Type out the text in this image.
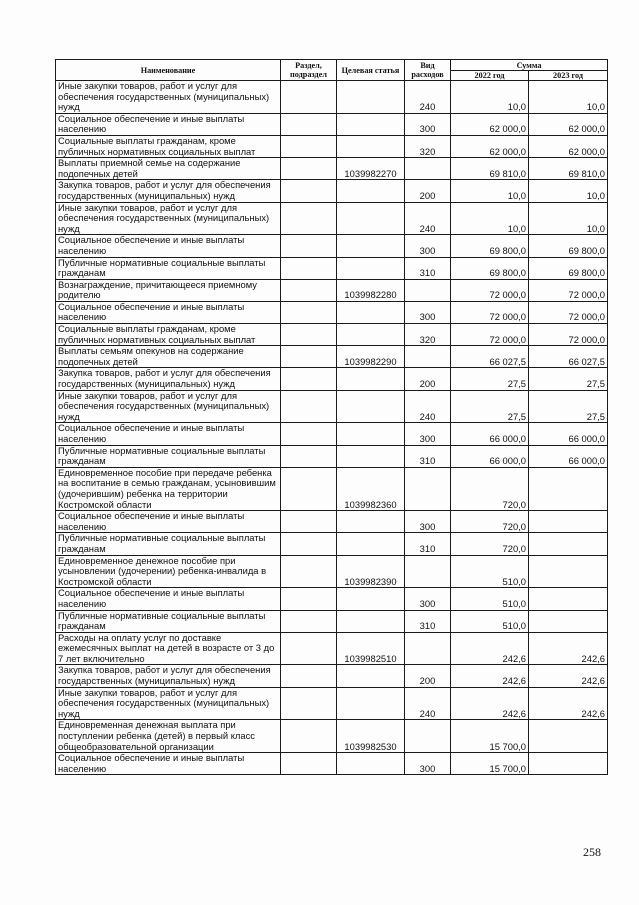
Наименование	Раздел, подраздел	Целевая статья	Вид расходов	Сумма	
				2022 год	2023 год
Иные закупки товаров, работ и услуг для обеспечения государственных (муниципальных) нужд			240	10,0	10,0
Социальное обеспечение и иные выплаты населению			300	62 000,0	62 000,0
Социальные выплаты гражданам, кроме публичных нормативных социальных выплат			320	62 000,0	62 000,0
Выплаты приемной семье на содержание подопечных детей		1039982270		69 810,0	69 810,0
Закупка товаров, работ и услуг для обеспечения государственных (муниципальных) нужд			200	10,0	10,0
Иные закупки товаров, работ и услуг для обеспечения государственных (муниципальных) нужд			240	10,0	10,0
Социальное обеспечение и иные выплаты населению			300	69 800,0	69 800,0
Публичные нормативные социальные выплаты гражданам			310	69 800,0	69 800,0
Вознаграждение, причитающееся приемному родителю		1039982280		72 000,0	72 000,0
Социальное обеспечение и иные выплаты населению			300	72 000,0	72 000,0
Социальные выплаты гражданам, кроме публичных нормативных социальных выплат			320	72 000,0	72 000,0
Выплаты семьям опекунов на содержание подопечных детей		1039982290		66 027,5	66 027,5
Закупка товаров, работ и услуг для обеспечения государственных (муниципальных) нужд			200	27,5	27,5
Иные закупки товаров, работ и услуг для обеспечения государственных (муниципальных) нужд			240	27,5	27,5
Социальное обеспечение и иные выплаты населению			300	66 000,0	66 000,0
Публичные нормативные социальные выплаты гражданам			310	66 000,0	66 000,0
Единовременное пособие при передаче ребенка на воспитание в семью гражданам, усыновившим (удочерившим) ребенка на территории Костромской области		1039982360		720,0	
Социальное обеспечение и иные выплаты населению			300	720,0	
Публичные нормативные социальные выплаты гражданам			310	720,0	
Единовременное денежное пособие при усыновлении (удочерении) ребенка-инвалида в Костромской области		1039982390		510,0	
Социальное обеспечение и иные выплаты населению			300	510,0	
Публичные нормативные социальные выплаты гражданам			310	510,0	
Расходы на оплату услуг по доставке ежемесячных выплат на детей в возрасте от 3 до 7 лет включительно		1039982510		242,6	242,6
Закупка товаров, работ и услуг для обеспечения государственных (муниципальных) нужд			200	242,6	242,6
Иные закупки товаров, работ и услуг для обеспечения государственных (муниципальных) нужд			240	242,6	242,6
Единовременная денежная выплата при поступлении ребенка (детей) в первый класс общеобразовательной организации		1039982530		15 700,0	
Социальное обеспечение и иные выплаты населению			300	15 700,0	
258
